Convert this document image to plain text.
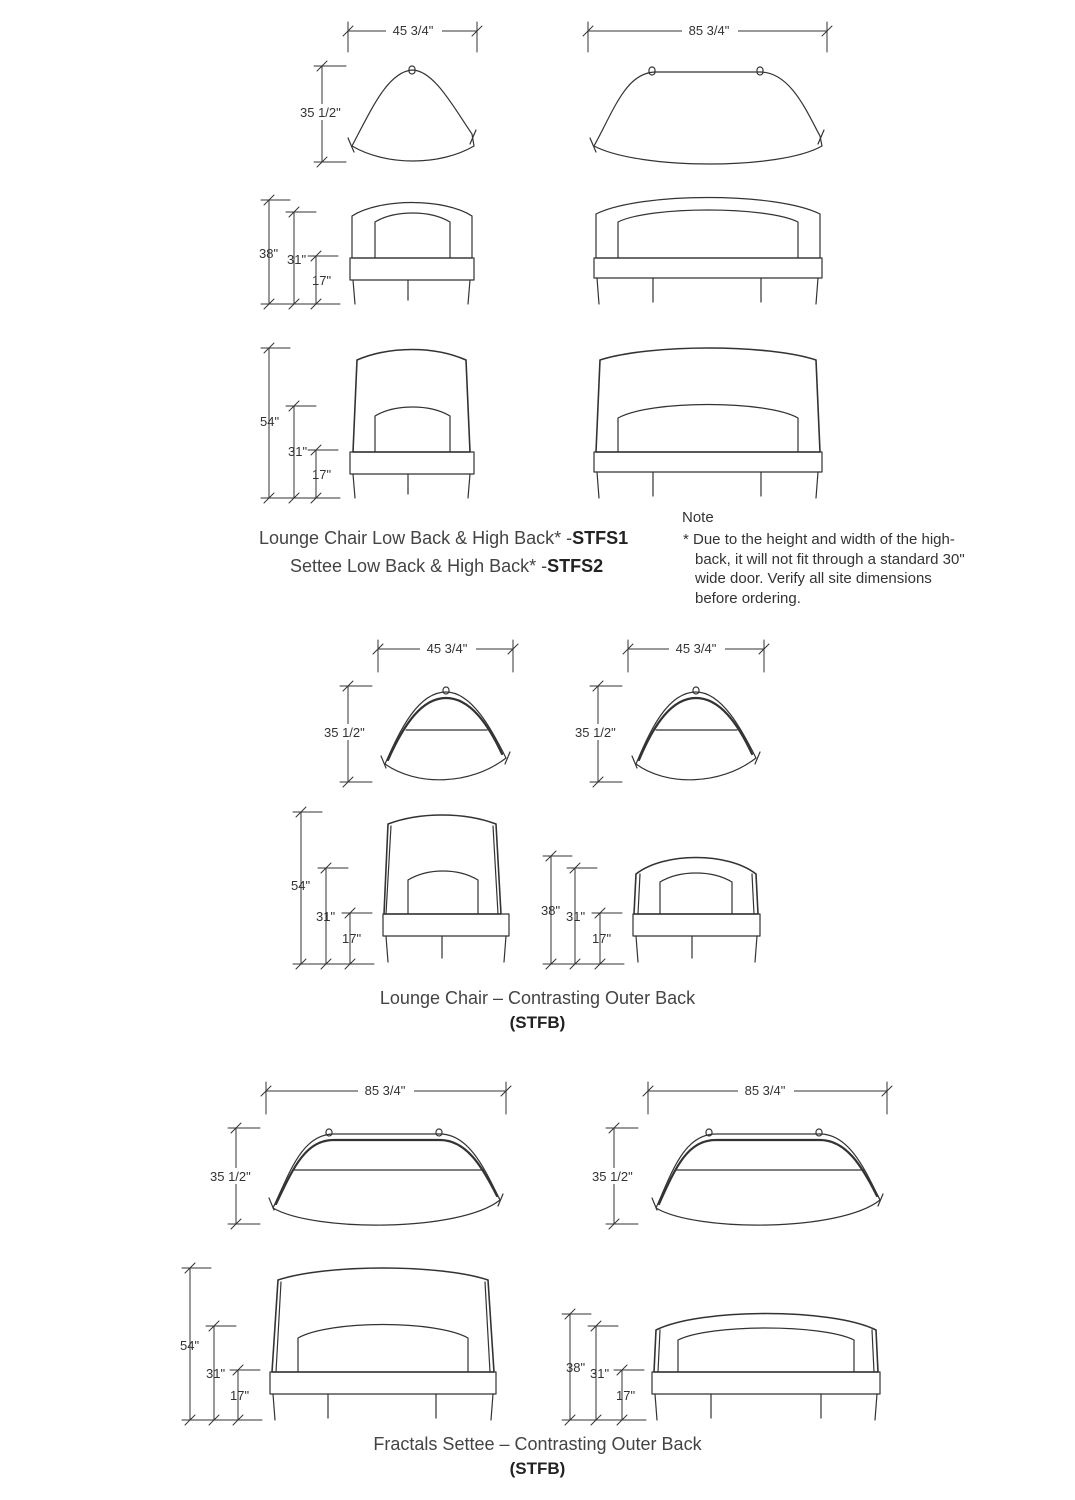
45 3/4"	85 3/4"
35 1/2"
38" 31"
17"
54"
31"
17"
45 3/4"	45 3/4"
35 1/2"	35 1/2"
54"
31"
17"
38" 31"
17"
85 3/4"	85 3/4"
35 1/2"	35 1/2"
54"
31"
17"
38" 31"
17"
Lounge Chair Low Back & High Back* -STFS1
Settee Low Back & High Back* -STFS2
Note
* Due to the height and width of the high-back, it will not fit through a standard 30" wide door. Verify all site dimensions before ordering.
Lounge Chair – Contrasting Outer Back
(STFB)
Fractals Settee – Contrasting Outer Back
(STFB)
